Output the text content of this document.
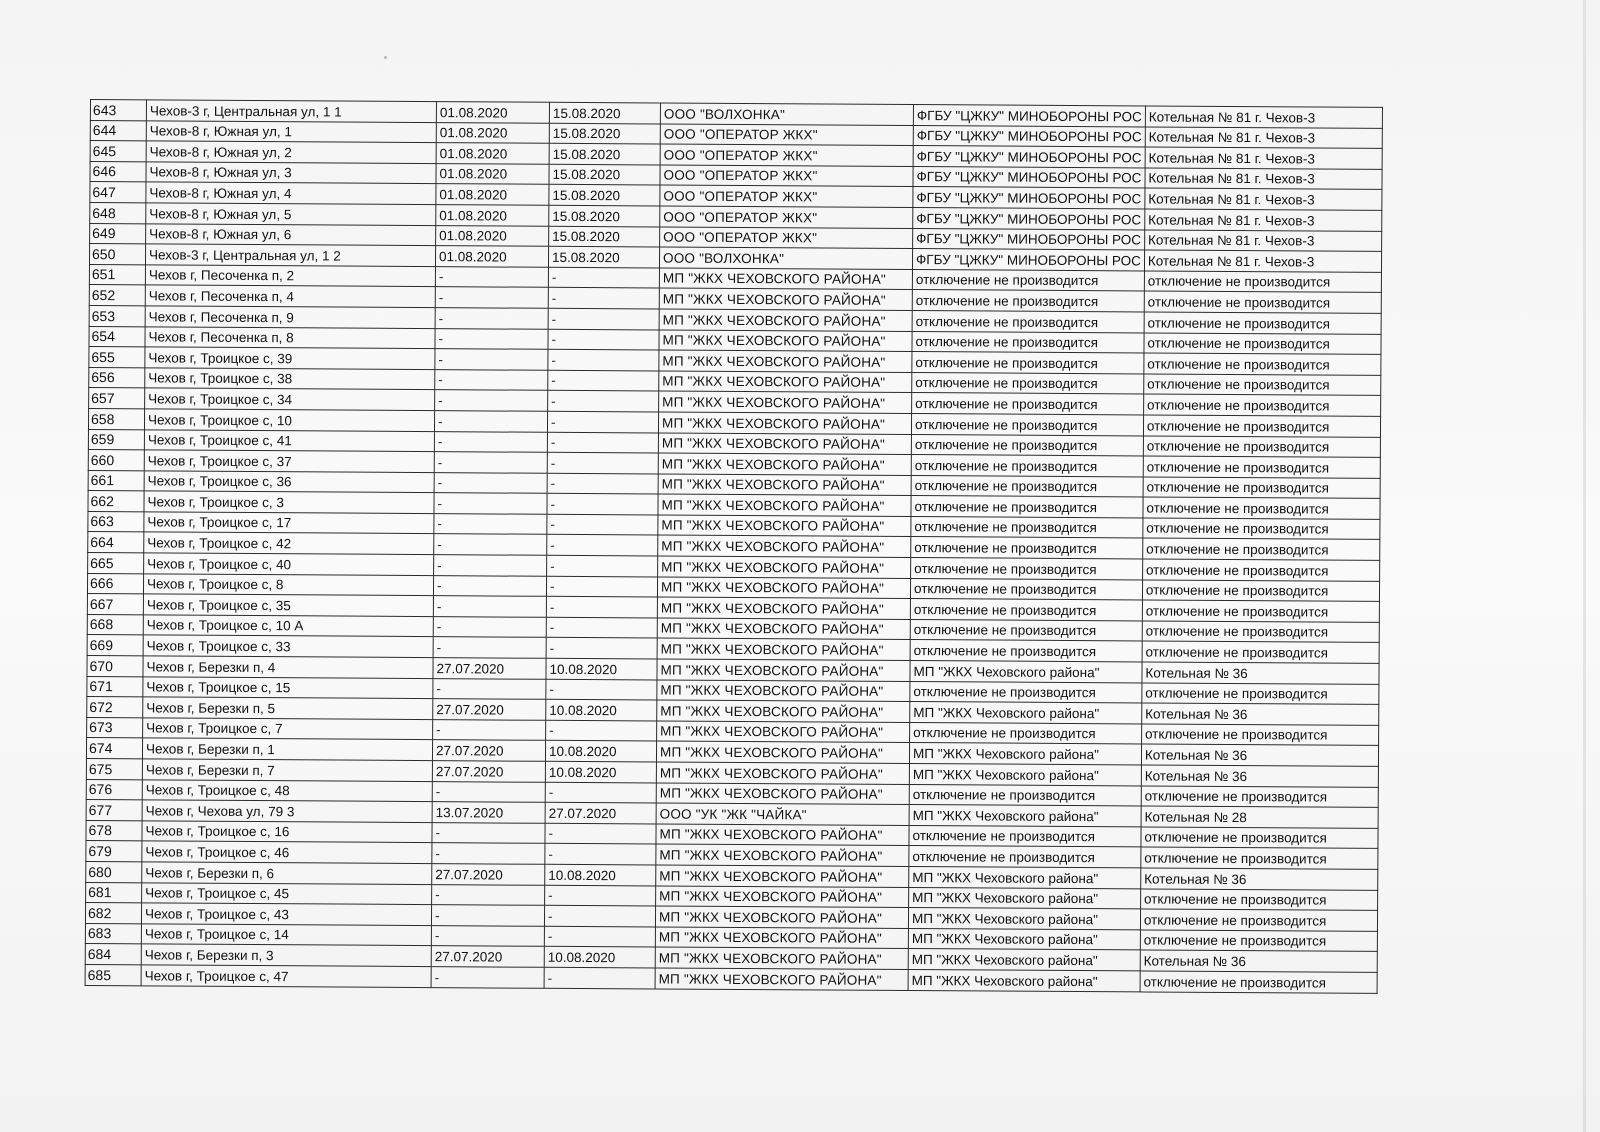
643	Чехов-3 г, Центральная ул, 1 1	01.08.2020	15.08.2020	ООО "ВОЛХОНКА"	ФГБУ "ЦЖКУ" МИНОБОРОНЫ РОС	Котельная № 81 г. Чехов-3
644	Чехов-8 г, Южная ул, 1	01.08.2020	15.08.2020	ООО "ОПЕРАТОР ЖКХ"	ФГБУ "ЦЖКУ" МИНОБОРОНЫ РОС	Котельная № 81 г. Чехов-3
645	Чехов-8 г, Южная ул, 2	01.08.2020	15.08.2020	ООО "ОПЕРАТОР ЖКХ"	ФГБУ "ЦЖКУ" МИНОБОРОНЫ РОС	Котельная № 81 г. Чехов-3
646	Чехов-8 г, Южная ул, 3	01.08.2020	15.08.2020	ООО "ОПЕРАТОР ЖКХ"	ФГБУ "ЦЖКУ" МИНОБОРОНЫ РОС	Котельная № 81 г. Чехов-3
647	Чехов-8 г, Южная ул, 4	01.08.2020	15.08.2020	ООО "ОПЕРАТОР ЖКХ"	ФГБУ "ЦЖКУ" МИНОБОРОНЫ РОС	Котельная № 81 г. Чехов-3
648	Чехов-8 г, Южная ул, 5	01.08.2020	15.08.2020	ООО "ОПЕРАТОР ЖКХ"	ФГБУ "ЦЖКУ" МИНОБОРОНЫ РОС	Котельная № 81 г. Чехов-3
649	Чехов-8 г, Южная ул, 6	01.08.2020	15.08.2020	ООО "ОПЕРАТОР ЖКХ"	ФГБУ "ЦЖКУ" МИНОБОРОНЫ РОС	Котельная № 81 г. Чехов-3
650	Чехов-3 г, Центральная ул, 1 2	01.08.2020	15.08.2020	ООО "ВОЛХОНКА"	ФГБУ "ЦЖКУ" МИНОБОРОНЫ РОС	Котельная № 81 г. Чехов-3
651	Чехов г, Песоченка п, 2	-	-	МП "ЖКХ ЧЕХОВСКОГО РАЙОНА"	отключение не производится	отключение не производится
652	Чехов г, Песоченка п, 4	-	-	МП "ЖКХ ЧЕХОВСКОГО РАЙОНА"	отключение не производится	отключение не производится
653	Чехов г, Песоченка п, 9	-	-	МП "ЖКХ ЧЕХОВСКОГО РАЙОНА"	отключение не производится	отключение не производится
654	Чехов г, Песоченка п, 8	-	-	МП "ЖКХ ЧЕХОВСКОГО РАЙОНА"	отключение не производится	отключение не производится
655	Чехов г, Троицкое с, 39	-	-	МП "ЖКХ ЧЕХОВСКОГО РАЙОНА"	отключение не производится	отключение не производится
656	Чехов г, Троицкое с, 38	-	-	МП "ЖКХ ЧЕХОВСКОГО РАЙОНА"	отключение не производится	отключение не производится
657	Чехов г, Троицкое с, 34	-	-	МП "ЖКХ ЧЕХОВСКОГО РАЙОНА"	отключение не производится	отключение не производится
658	Чехов г, Троицкое с, 10	-	-	МП "ЖКХ ЧЕХОВСКОГО РАЙОНА"	отключение не производится	отключение не производится
659	Чехов г, Троицкое с, 41	-	-	МП "ЖКХ ЧЕХОВСКОГО РАЙОНА"	отключение не производится	отключение не производится
660	Чехов г, Троицкое с, 37	-	-	МП "ЖКХ ЧЕХОВСКОГО РАЙОНА"	отключение не производится	отключение не производится
661	Чехов г, Троицкое с, 36	-	-	МП "ЖКХ ЧЕХОВСКОГО РАЙОНА"	отключение не производится	отключение не производится
662	Чехов г, Троицкое с, 3	-	-	МП "ЖКХ ЧЕХОВСКОГО РАЙОНА"	отключение не производится	отключение не производится
663	Чехов г, Троицкое с, 17	-	-	МП "ЖКХ ЧЕХОВСКОГО РАЙОНА"	отключение не производится	отключение не производится
664	Чехов г, Троицкое с, 42	-	-	МП "ЖКХ ЧЕХОВСКОГО РАЙОНА"	отключение не производится	отключение не производится
665	Чехов г, Троицкое с, 40	-	-	МП "ЖКХ ЧЕХОВСКОГО РАЙОНА"	отключение не производится	отключение не производится
666	Чехов г, Троицкое с, 8	-	-	МП "ЖКХ ЧЕХОВСКОГО РАЙОНА"	отключение не производится	отключение не производится
667	Чехов г, Троицкое с, 35	-	-	МП "ЖКХ ЧЕХОВСКОГО РАЙОНА"	отключение не производится	отключение не производится
668	Чехов г, Троицкое с, 10 А	-	-	МП "ЖКХ ЧЕХОВСКОГО РАЙОНА"	отключение не производится	отключение не производится
669	Чехов г, Троицкое с, 33	-	-	МП "ЖКХ ЧЕХОВСКОГО РАЙОНА"	отключение не производится	отключение не производится
670	Чехов г, Березки п, 4	27.07.2020	10.08.2020	МП "ЖКХ ЧЕХОВСКОГО РАЙОНА"	МП "ЖКХ Чеховского района"	Котельная № 36
671	Чехов г, Троицкое с, 15	-	-	МП "ЖКХ ЧЕХОВСКОГО РАЙОНА"	отключение не производится	отключение не производится
672	Чехов г, Березки п, 5	27.07.2020	10.08.2020	МП "ЖКХ ЧЕХОВСКОГО РАЙОНА"	МП "ЖКХ Чеховского района"	Котельная № 36
673	Чехов г, Троицкое с, 7	-	-	МП "ЖКХ ЧЕХОВСКОГО РАЙОНА"	отключение не производится	отключение не производится
674	Чехов г, Березки п, 1	27.07.2020	10.08.2020	МП "ЖКХ ЧЕХОВСКОГО РАЙОНА"	МП "ЖКХ Чеховского района"	Котельная № 36
675	Чехов г, Березки п, 7	27.07.2020	10.08.2020	МП "ЖКХ ЧЕХОВСКОГО РАЙОНА"	МП "ЖКХ Чеховского района"	Котельная № 36
676	Чехов г, Троицкое с, 48	-	-	МП "ЖКХ ЧЕХОВСКОГО РАЙОНА"	отключение не производится	отключение не производится
677	Чехов г, Чехова ул, 79 3	13.07.2020	27.07.2020	ООО "УК "ЖК "ЧАЙКА"	МП "ЖКХ Чеховского района"	Котельная № 28
678	Чехов г, Троицкое с, 16	-	-	МП "ЖКХ ЧЕХОВСКОГО РАЙОНА"	отключение не производится	отключение не производится
679	Чехов г, Троицкое с, 46	-	-	МП "ЖКХ ЧЕХОВСКОГО РАЙОНА"	отключение не производится	отключение не производится
680	Чехов г, Березки п, 6	27.07.2020	10.08.2020	МП "ЖКХ ЧЕХОВСКОГО РАЙОНА"	МП "ЖКХ Чеховского района"	Котельная № 36
681	Чехов г, Троицкое с, 45	-	-	МП "ЖКХ ЧЕХОВСКОГО РАЙОНА"	МП "ЖКХ Чеховского района"	отключение не производится
682	Чехов г, Троицкое с, 43	-	-	МП "ЖКХ ЧЕХОВСКОГО РАЙОНА"	МП "ЖКХ Чеховского района"	отключение не производится
683	Чехов г, Троицкое с, 14	-	-	МП "ЖКХ ЧЕХОВСКОГО РАЙОНА"	МП "ЖКХ Чеховского района"	отключение не производится
684	Чехов г, Березки п, 3	27.07.2020	10.08.2020	МП "ЖКХ ЧЕХОВСКОГО РАЙОНА"	МП "ЖКХ Чеховского района"	Котельная № 36
685	Чехов г, Троицкое с, 47	-	-	МП "ЖКХ ЧЕХОВСКОГО РАЙОНА"	МП "ЖКХ Чеховского района"	отключение не производится
